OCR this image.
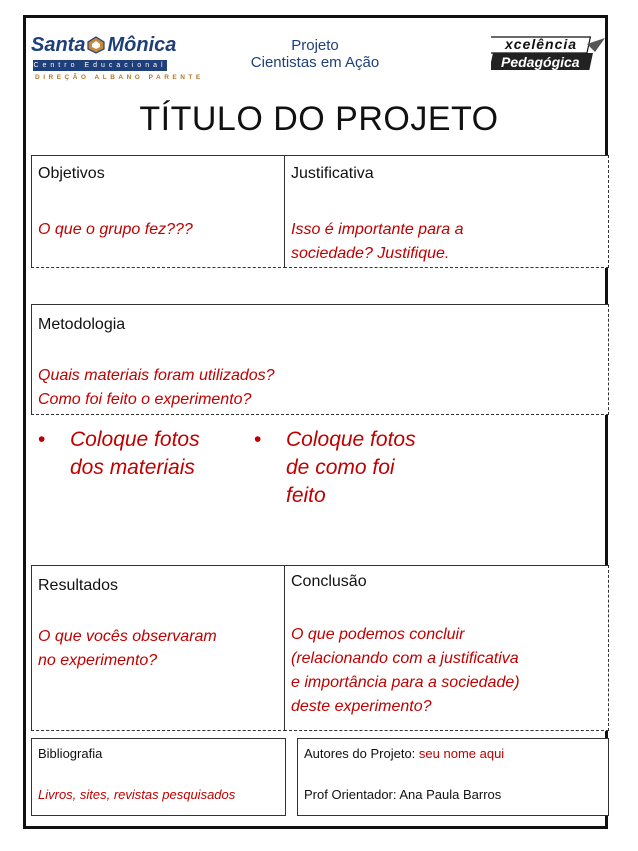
Santa Mônica
Centro Educacional
DIREÇÃO ALBANO PARENTE
Projeto
Cientistas em Ação
xcelência
Pedagógica
TÍTULO DO PROJETO
Objetivos
O que o grupo fez???
Justificativa
Isso é importante para a
sociedade? Justifique.
Metodologia
Quais materiais foram utilizados?
Como foi feito o experimento?
• Coloque fotos
dos materiais
• Coloque fotos
de como foi
feito
Resultados
O que vocês observaram
no experimento?
Conclusão
O que podemos concluir
(relacionando com a justificativa
e importância para a sociedade)
deste experimento?
Bibliografia
Livros, sites, revistas pesquisados
Autores do Projeto: seu nome aqui
Prof Orientador: Ana Paula Barros
